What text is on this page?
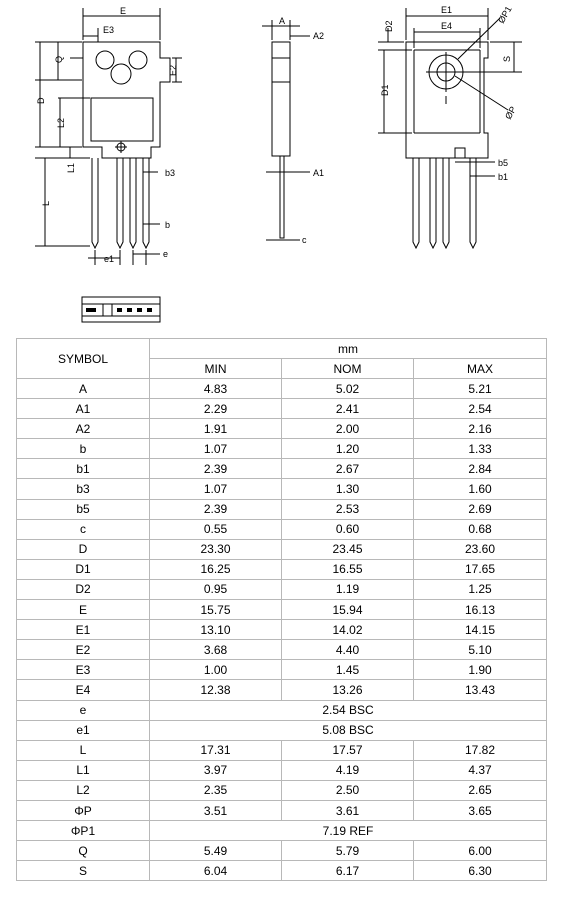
E
E3
Q
E2
D
L2
L1
L
b3
b
e1	e
A
A2
A1
c
D2
E1
E4
ØP1
S
D1
ØP
b5
b1
SYMBOL	mm		
	MIN	NOM	MAX
A	4.83	5.02	5.21
A1	2.29	2.41	2.54
A2	1.91	2.00	2.16
b	1.07	1.20	1.33
b1	2.39	2.67	2.84
b3	1.07	1.30	1.60
b5	2.39	2.53	2.69
c	0.55	0.60	0.68
D	23.30	23.45	23.60
D1	16.25	16.55	17.65
D2	0.95	1.19	1.25
E	15.75	15.94	16.13
E1	13.10	14.02	14.15
E2	3.68	4.40	5.10
E3	1.00	1.45	1.90
E4	12.38	13.26	13.43
e	2.54 BSC		
e1	5.08 BSC		
L	17.31	17.57	17.82
L1	3.97	4.19	4.37
L2	2.35	2.50	2.65
ΦP	3.51	3.61	3.65
ΦP1	7.19 REF		
Q	5.49	5.79	6.00
S	6.04	6.17	6.30
